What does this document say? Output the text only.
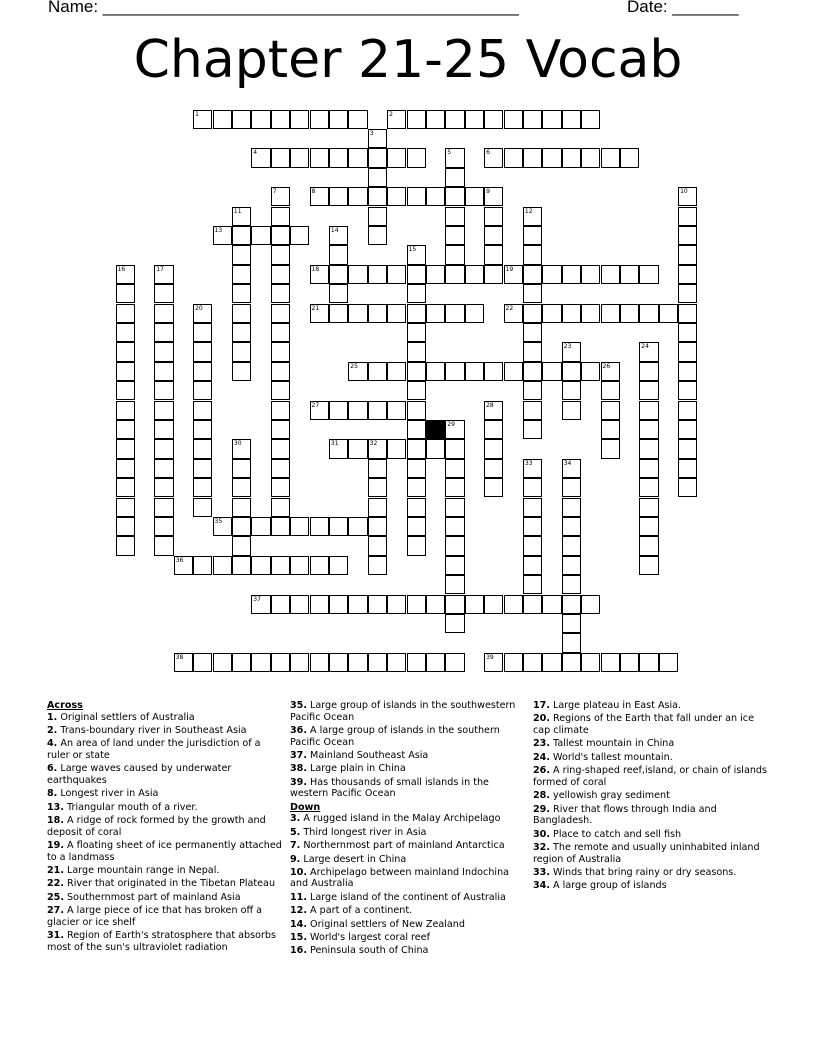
Name: ____________________________________________	Date: _______
Chapter 21-25 Vocab
1	2
3
4	5	6
7	8	9	10
11	12
13	14
15
16	17	18	19
20	21	22
23	24
25	26
27	28
29
30	31	32
33	34
35
36
37
38	39
Across
1. Original settlers of Australia
2. Trans-boundary river in Southeast Asia
4. An area of land under the jurisdiction of a ruler or state
6. Large waves caused by underwater earthquakes
8. Longest river in Asia
13. Triangular mouth of a river.
18. A ridge of rock formed by the growth and deposit of coral
19. A floating sheet of ice permanently attached to a landmass
21. Large mountain range in Nepal.
22. River that originated in the Tibetan Plateau
25. Southernmost part of mainland Asia
27. A large piece of ice that has broken off a glacier or ice shelf
31. Region of Earth's stratosphere that absorbs most of the sun's ultraviolet radiation
35. Large group of islands in the southwestern Pacific Ocean
36. A large group of islands in the southern Pacific Ocean
37. Mainland Southeast Asia
38. Large plain in China
39. Has thousands of small islands in the western Pacific Ocean
Down
3. A rugged island in the Malay Archipelago
5. Third longest river in Asia
7. Northernmost part of mainland Antarctica
9. Large desert in China
10. Archipelago between mainland Indochina and Australia
11. Large island of the continent of Australia
12. A part of a continent.
14. Original settlers of New Zealand
15. World's largest coral reef
16. Peninsula south of China
17. Large plateau in East Asia.
20. Regions of the Earth that fall under an ice cap climate
23. Tallest mountain in China
24. World's tallest mountain.
26. A ring-shaped reef,island, or chain of islands formed of coral
28. yellowish gray sediment
29. River that flows through India and Bangladesh.
30. Place to catch and sell fish
32. The remote and usually uninhabited inland region of Australia
33. Winds that bring rainy or dry seasons.
34. A large group of islands
